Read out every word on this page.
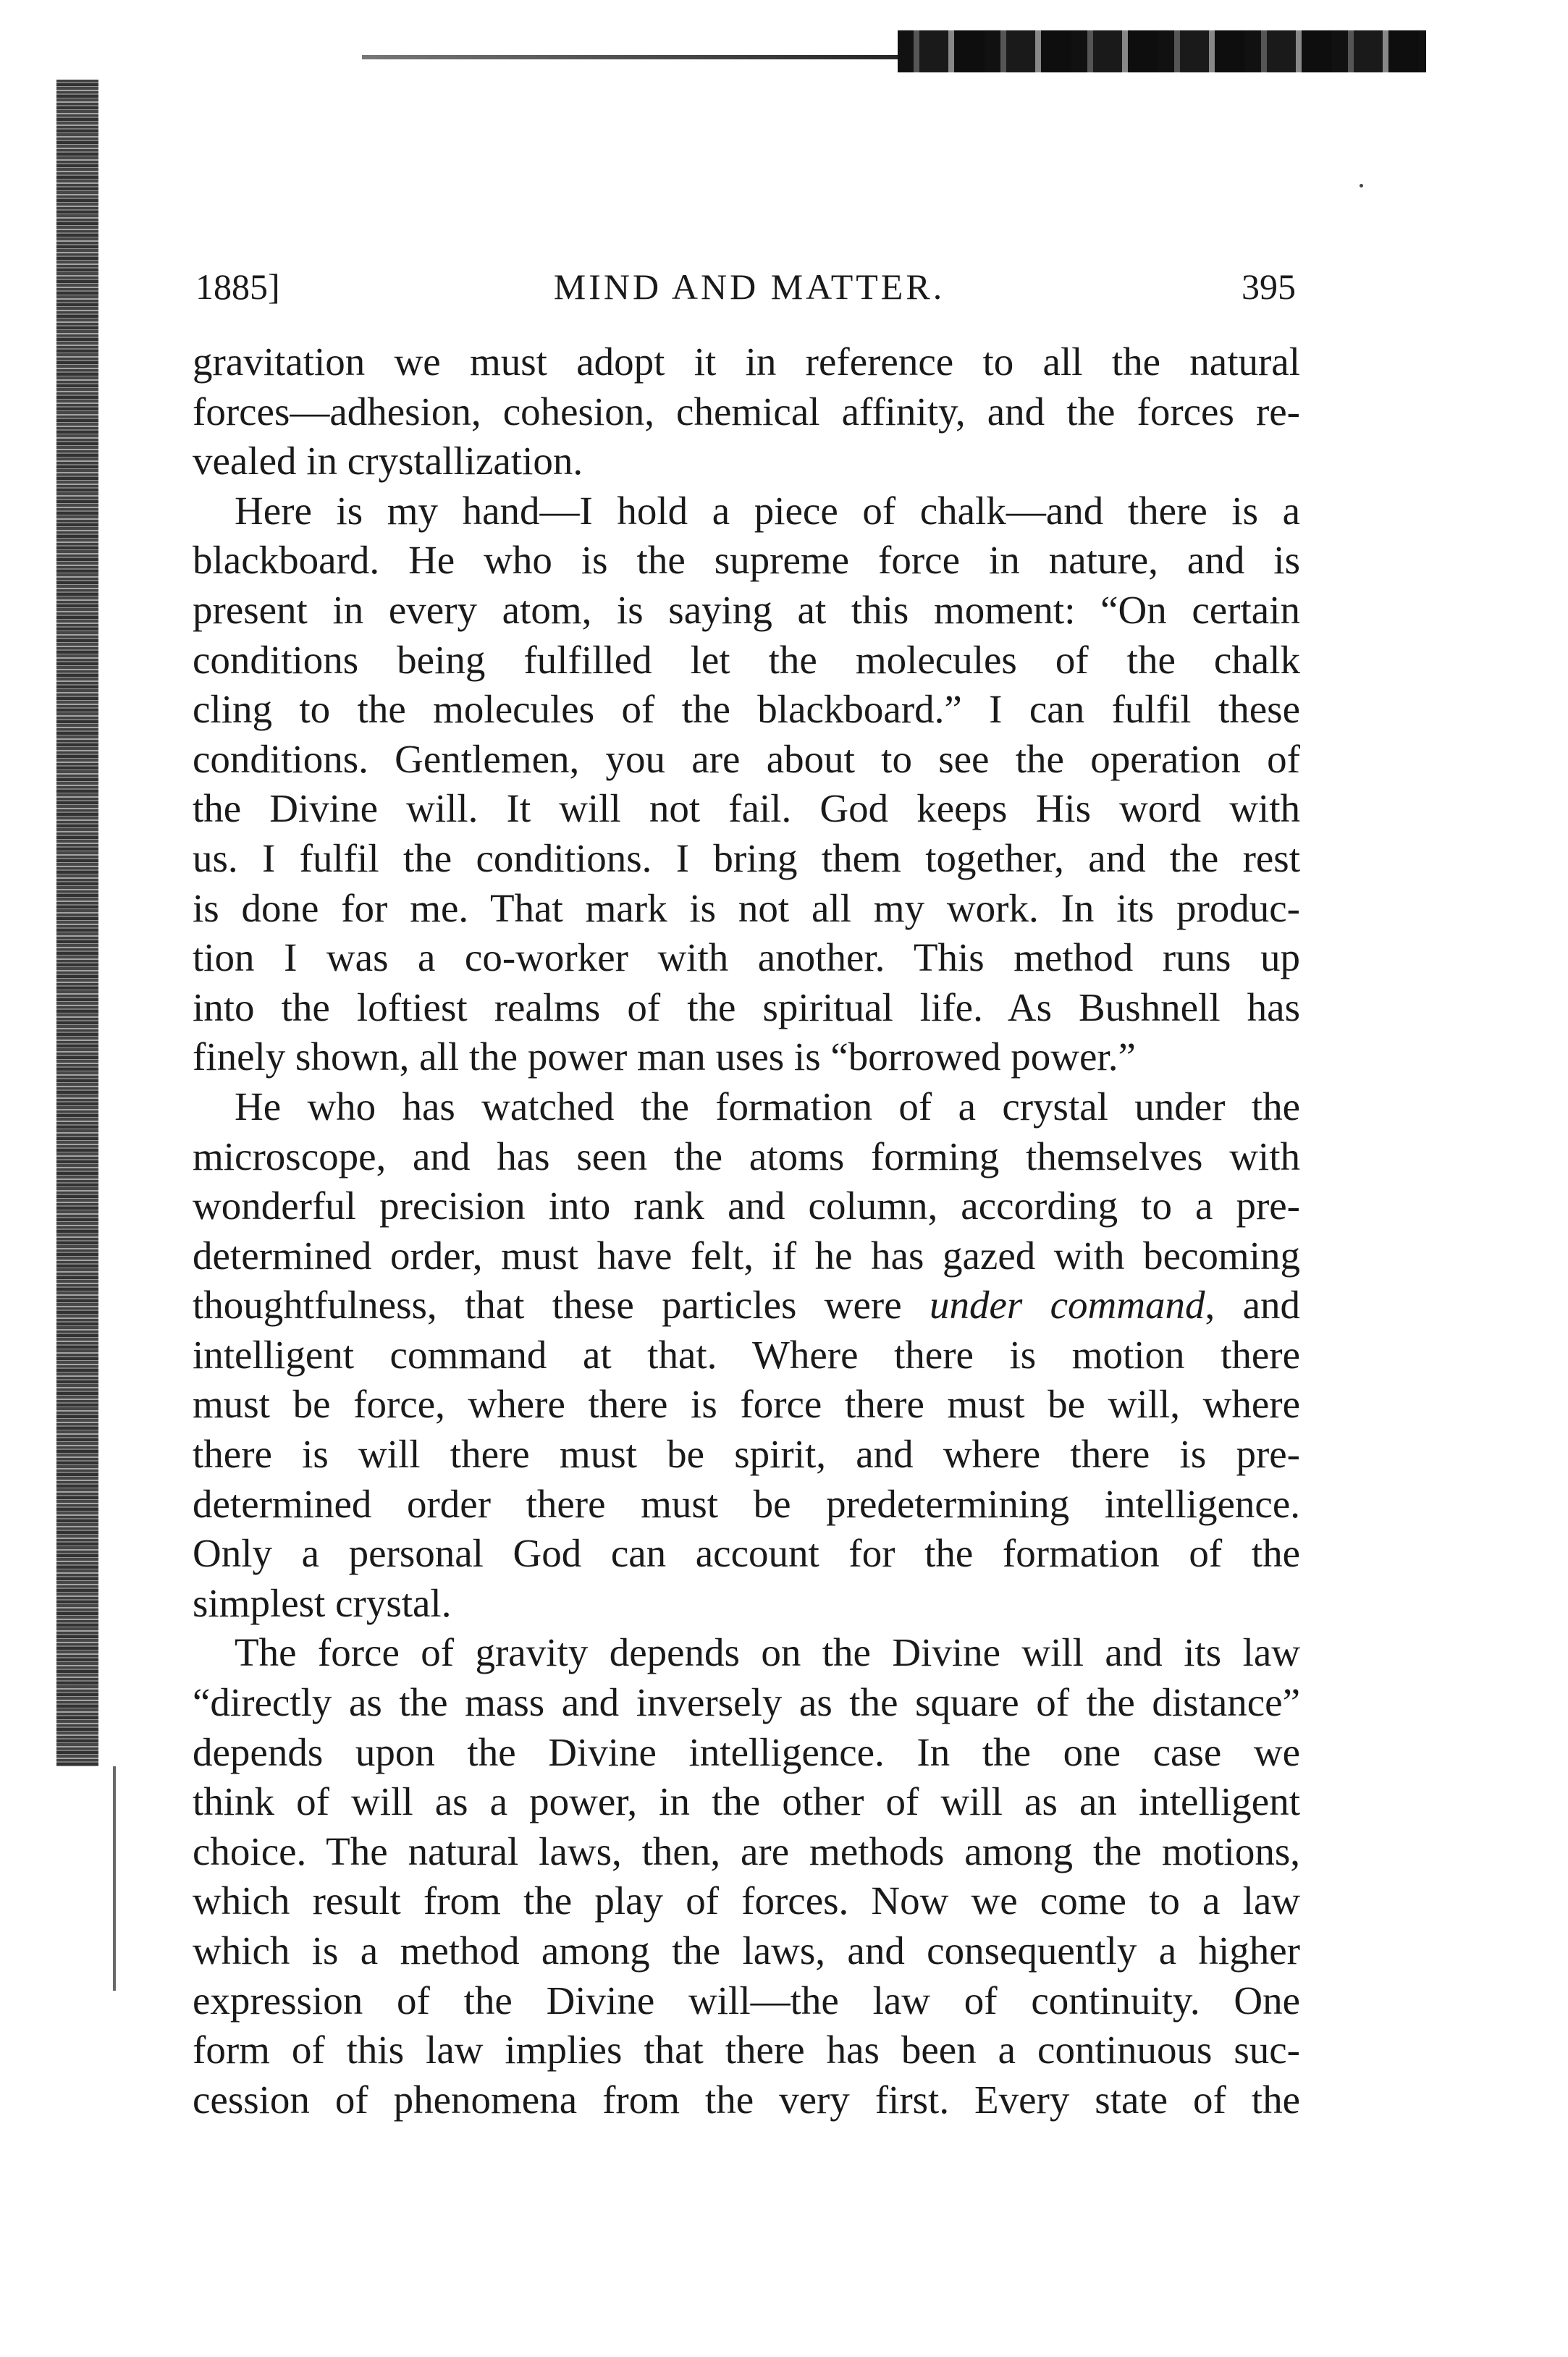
1885]	MIND AND MATTER.	395
gravitation we must adopt it in reference to all the natural
forces—adhesion, cohesion, chemical affinity, and the forces re-
vealed in crystallization.
Here is my hand—I hold a piece of chalk—and there is a
blackboard. He who is the supreme force in nature, and is
present in every atom, is saying at this moment: “On certain
conditions being fulfilled let the molecules of the chalk
cling to the molecules of the blackboard.” I can fulfil these
conditions. Gentlemen, you are about to see the operation of
the Divine will. It will not fail. God keeps His word with
us. I fulfil the conditions. I bring them together, and the rest
is done for me. That mark is not all my work. In its produc-
tion I was a co-worker with another. This method runs up
into the loftiest realms of the spiritual life. As Bushnell has
finely shown, all the power man uses is “borrowed power.”
He who has watched the formation of a crystal under the
microscope, and has seen the atoms forming themselves with
wonderful precision into rank and column, according to a pre-
determined order, must have felt, if he has gazed with becoming
thoughtfulness, that these particles were under command, and
intelligent command at that. Where there is motion there
must be force, where there is force there must be will, where
there is will there must be spirit, and where there is pre-
determined order there must be predetermining intelligence.
Only a personal God can account for the formation of the
simplest crystal.
The force of gravity depends on the Divine will and its law
“directly as the mass and inversely as the square of the distance”
depends upon the Divine intelligence. In the one case we
think of will as a power, in the other of will as an intelligent
choice. The natural laws, then, are methods among the motions,
which result from the play of forces. Now we come to a law
which is a method among the laws, and consequently a higher
expression of the Divine will—the law of continuity. One
form of this law implies that there has been a continuous suc-
cession of phenomena from the very first. Every state of the
